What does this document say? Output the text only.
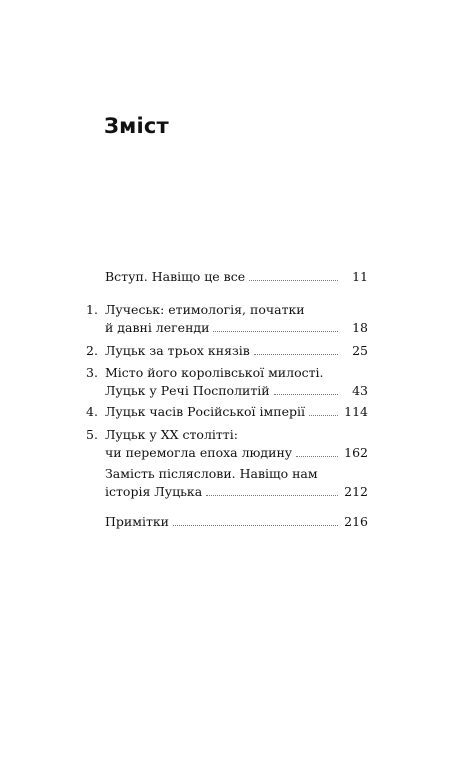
Зміст
Вступ. Навіщо це все	11
1. Лучеськ: етимологія, початки
й давні легенди	18
2. Луцьк за трьох князів	25
3. Місто його королівської милості.
Луцьк у Речі Посполитій	43
4. Луцьк часів Російської імперії	114
5. Луцьк у XX столітті:
чи перемогла епоха людину	162
Замість післяслови. Навіщо нам
історія Луцька	212
Примітки	216
